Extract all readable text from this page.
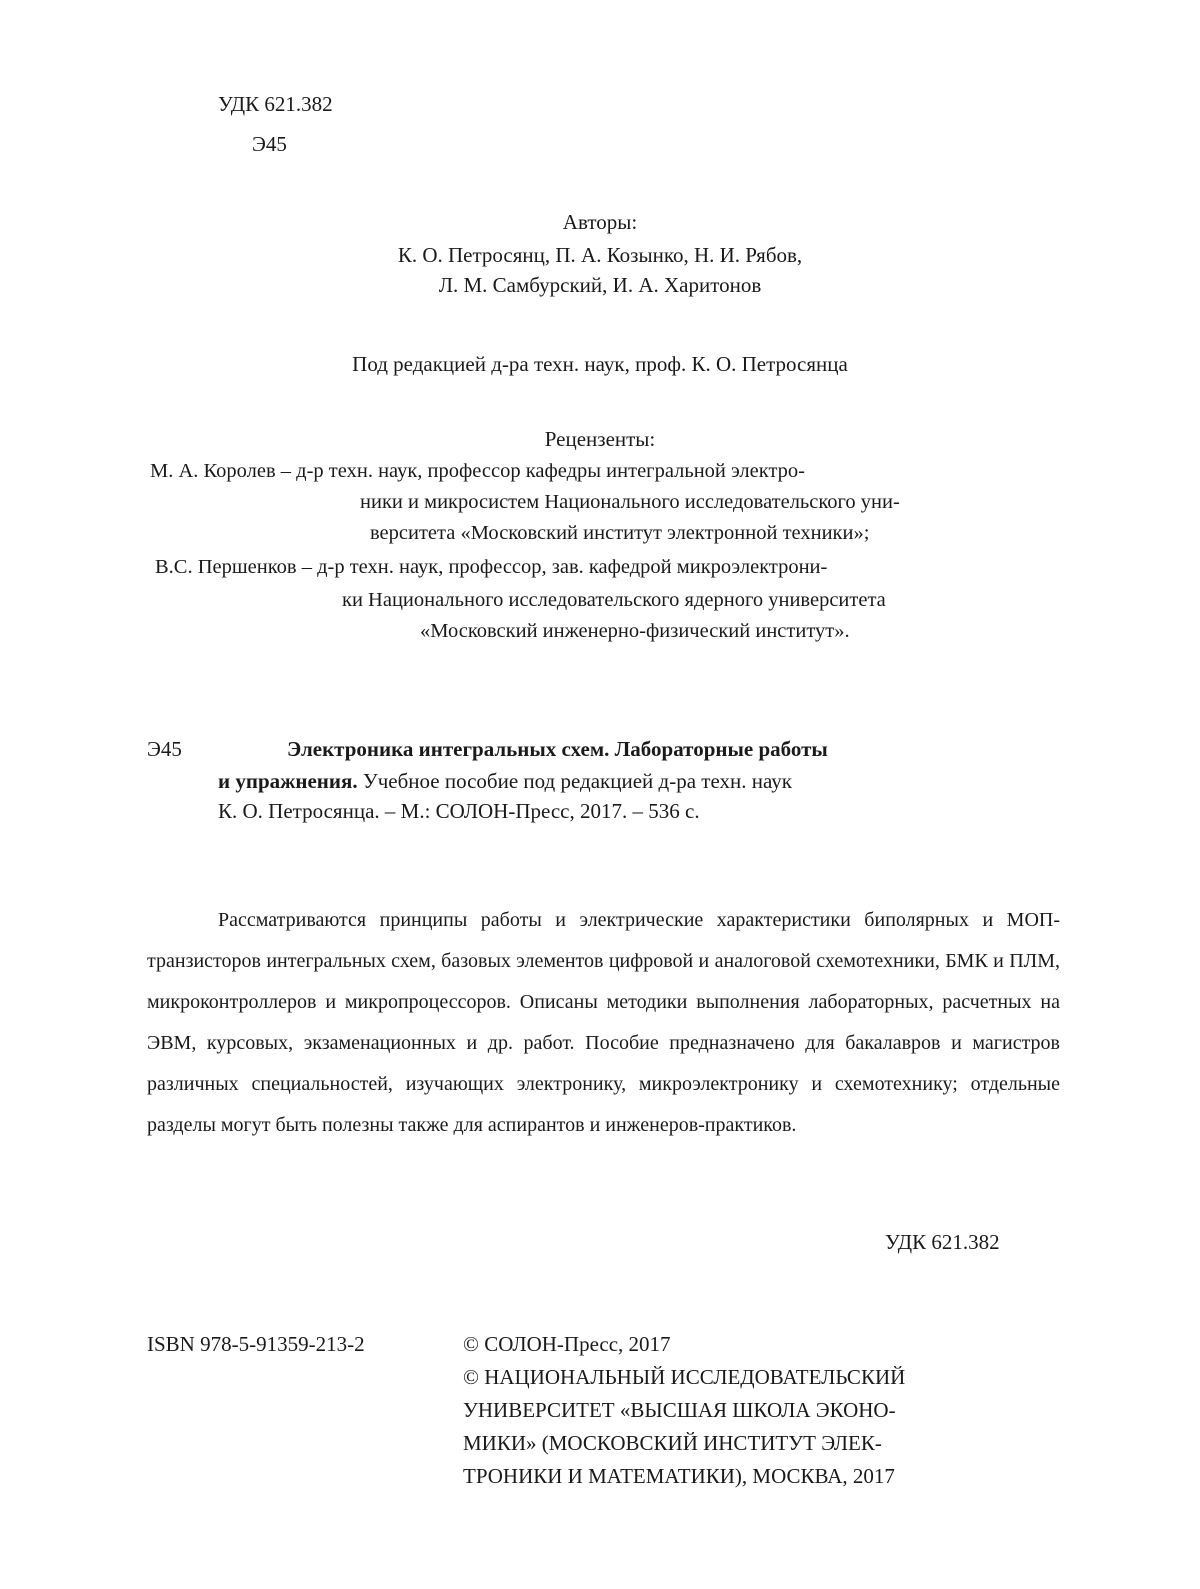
УДК 621.382
Э45
Авторы:
К. О. Петросянц, П. А. Козынко, Н. И. Рябов,
Л. М. Самбурский, И. А. Харитонов
Под редакцией д-ра техн. наук, проф. К. О. Петросянца
Рецензенты:
М. А. Королев – д-р техн. наук, профессор кафедры интегральной электро-
ники и микросистем Национального исследовательского уни-
верситета «Московский институт электронной техники»;
В.С. Першенков – д-р техн. наук, профессор, зав. кафедрой микроэлектрони-
ки Национального исследовательского ядерного университета
«Московский инженерно-физический институт».
Э45	Электроника интегральных схем. Лабораторные работы
и упражнения. Учебное пособие под редакцией д-ра техн. наук
К. О. Петросянца. – М.: СОЛОН-Пресс, 2017. – 536 с.
Рассматриваются принципы работы и электрические характеристики биполярных и МОП-транзисторов интегральных схем, базовых элементов цифровой и аналоговой схемотехники, БМК и ПЛМ, микроконтроллеров и микропроцессоров. Описаны методики выполнения лабораторных, расчетных на ЭВМ, курсовых, экзаменационных и др. работ. Пособие предназначено для бакалавров и магистров различных специальностей, изучающих электронику, микроэлектронику и схемотехнику; отдельные разделы могут быть полезны также для аспирантов и инженеров-практиков.
УДК 621.382
ISBN 978-5-91359-213-2	© СОЛОН-Пресс, 2017
© НАЦИОНАЛЬНЫЙ ИССЛЕДОВАТЕЛЬСКИЙ
УНИВЕРСИТЕТ «ВЫСШАЯ ШКОЛА ЭКОНО-
МИКИ» (МОСКОВСКИЙ ИНСТИТУТ ЭЛЕК-
ТРОНИКИ И МАТЕМАТИКИ), МОСКВА, 2017
